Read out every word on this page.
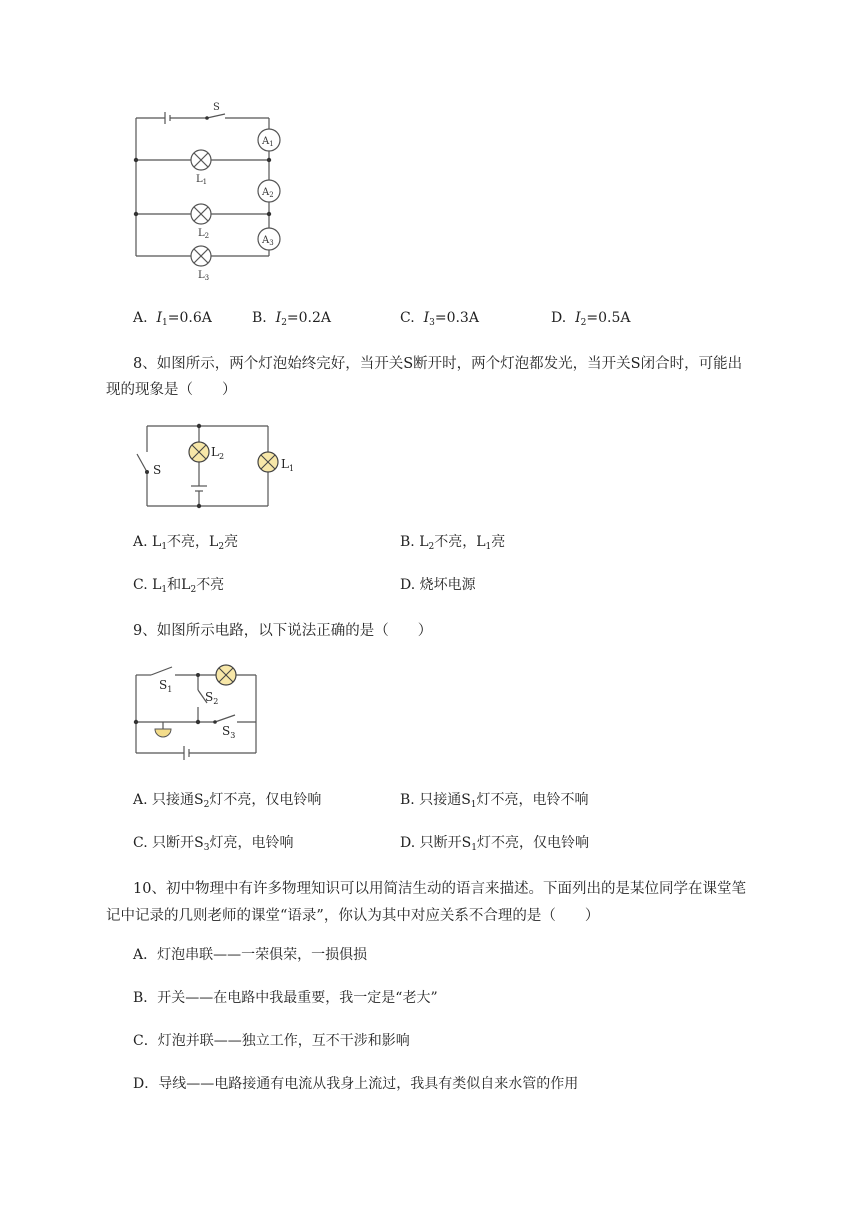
S
$A_1$
$A_2$
$A_3$
$L_1$
$L_2$
$L_3$
A. $I_1=0.6A$	B. $I_2=0.2A$	C. $I_3=0.3A$	D. $I_2=0.5A$
8、如图所示，两个灯泡始终完好，当开关S断开时，两个灯泡都发光，当开关S闭合时，可能出
现的现象是（　　）
S
$L_2$
$L_1$
A. $L_1$不亮，$L_2$亮	B. $L_2$不亮，$L_1$亮
C. $L_1$和$L_2$不亮	D. 烧坏电源
9、如图所示电路，以下说法正确的是（　　）
$S_1$
$S_2$
$S_3$
A. 只接通$S_2$灯不亮，仅电铃响	B. 只接通$S_1$灯不亮，电铃不响
C. 只断开$S_3$灯亮，电铃响	D. 只断开$S_1$灯不亮，仅电铃响
10、初中物理中有许多物理知识可以用简洁生动的语言来描述。下面列出的是某位同学在课堂笔
记中记录的几则老师的课堂“语录”，你认为其中对应关系不合理的是（　　）
A．灯泡串联——一荣俱荣，一损俱损
B．开关——在电路中我最重要，我一定是“老大”
C．灯泡并联——独立工作，互不干涉和影响
D．导线——电路接通有电流从我身上流过，我具有类似自来水管的作用
